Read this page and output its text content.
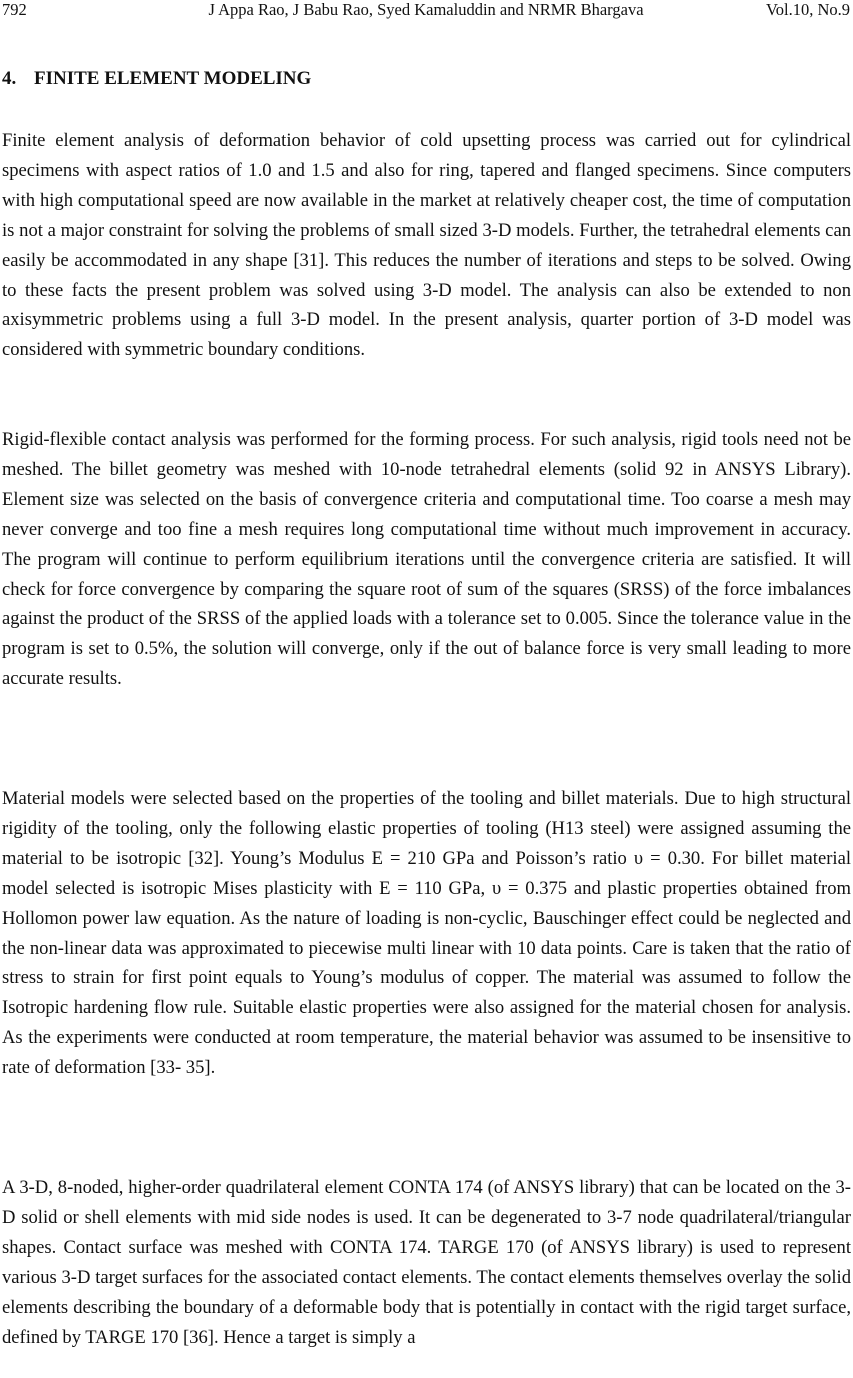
792	J Appa Rao, J Babu Rao, Syed Kamaluddin and NRMR Bhargava	Vol.10, No.9
4. FINITE ELEMENT MODELING

Finite element analysis of deformation behavior of cold upsetting process was carried out for cylindrical specimens with aspect ratios of 1.0 and 1.5 and also for ring, tapered and flanged specimens. Since computers with high computational speed are now available in the market at relatively cheaper cost, the time of computation is not a major constraint for solving the problems of small sized 3-D models. Further, the tetrahedral elements can easily be accommodated in any shape [31]. This reduces the number of iterations and steps to be solved. Owing to these facts the present problem was solved using 3-D model. The analysis can also be extended to non axisymmetric problems using a full 3-D model. In the present analysis, quarter portion of 3-D model was considered with symmetric boundary conditions.

Rigid-flexible contact analysis was performed for the forming process. For such analysis, rigid tools need not be meshed. The billet geometry was meshed with 10-node tetrahedral elements (solid 92 in ANSYS Library). Element size was selected on the basis of convergence criteria and computational time. Too coarse a mesh may never converge and too fine a mesh requires long computational time without much improvement in accuracy. The program will continue to perform equilibrium iterations until the convergence criteria are satisfied. It will check for force convergence by comparing the square root of sum of the squares (SRSS) of the force imbalances against the product of the SRSS of the applied loads with a tolerance set to 0.005. Since the tolerance value in the program is set to 0.5%, the solution will converge, only if the out of balance force is very small leading to more accurate results.

Material models were selected based on the properties of the tooling and billet materials. Due to high structural rigidity of the tooling, only the following elastic properties of tooling (H13 steel) were assigned assuming the material to be isotropic [32]. Young’s Modulus E = 210 GPa and Poisson’s ratio υ = 0.30. For billet material model selected is isotropic Mises plasticity with E = 110 GPa, υ = 0.375 and plastic properties obtained from Hollomon power law equation. As the nature of loading is non-cyclic, Bauschinger effect could be neglected and the non-linear data was approximated to piecewise multi linear with 10 data points. Care is taken that the ratio of stress to strain for first point equals to Young’s modulus of copper. The material was assumed to follow the Isotropic hardening flow rule. Suitable elastic properties were also assigned for the material chosen for analysis. As the experiments were conducted at room temperature, the material behavior was assumed to be insensitive to rate of deformation [33- 35].

A 3-D, 8-noded, higher-order quadrilateral element CONTA 174 (of ANSYS library) that can be located on the 3-D solid or shell elements with mid side nodes is used. It can be degenerated to 3-7 node quadrilateral/triangular shapes. Contact surface was meshed with CONTA 174. TARGE 170 (of ANSYS library) is used to represent various 3-D target surfaces for the associated contact elements. The contact elements themselves overlay the solid elements describing the boundary of a deformable body that is potentially in contact with the rigid target surface, defined by TARGE 170 [36]. Hence a target is simply a
